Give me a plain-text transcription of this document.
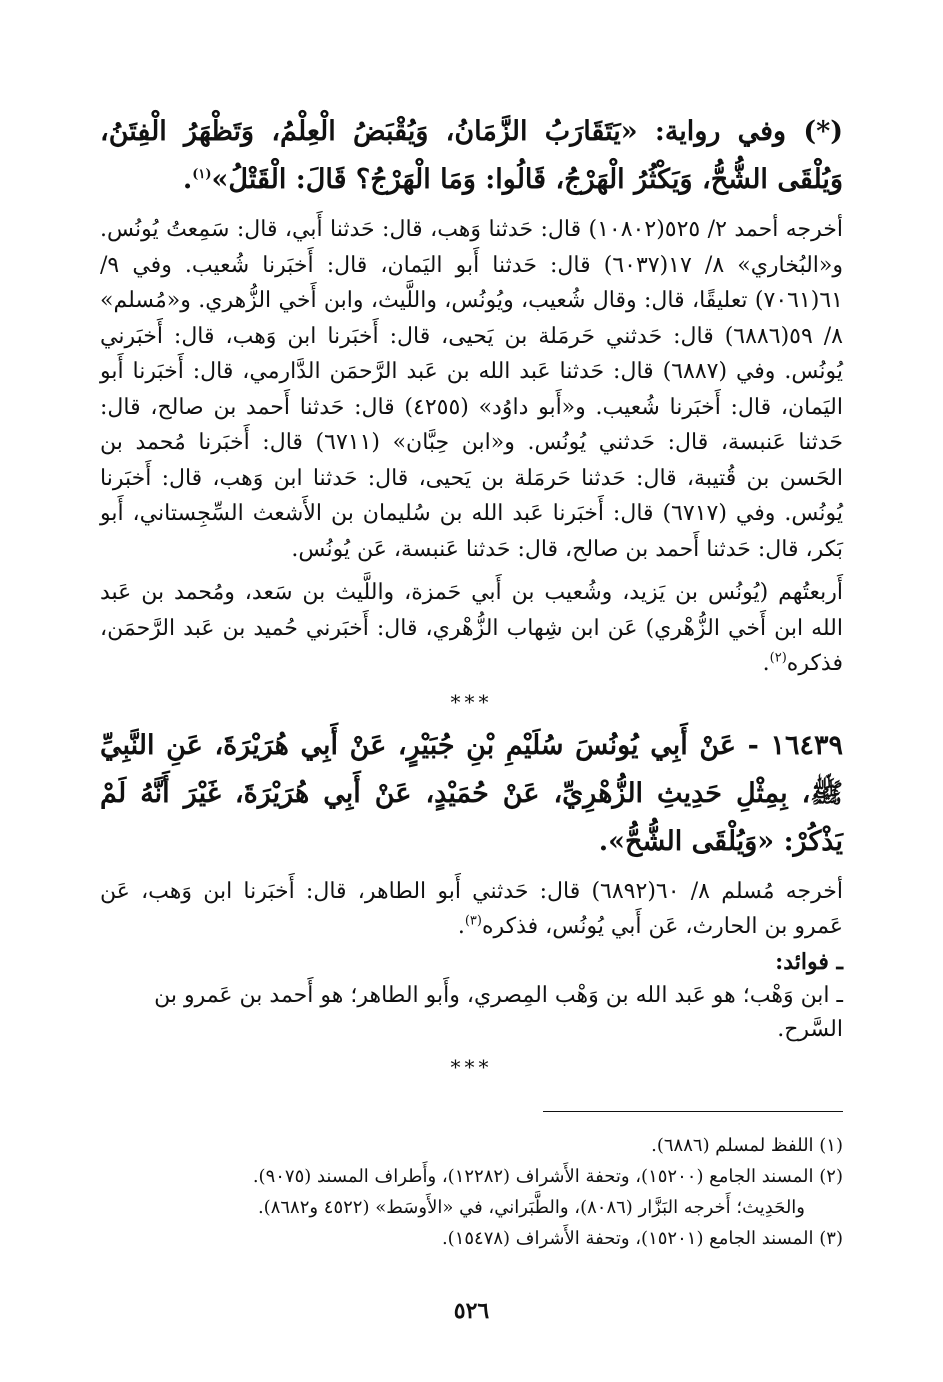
(*) وفي رواية: «يَتَقَارَبُ الزَّمَانُ، وَيُقْبَضُ الْعِلْمُ، وَتَظْهَرُ الْفِتَنُ، وَيُلْقَى الشُّحُّ، وَيَكْثُرُ الْهَرْجُ، قَالُوا: وَمَا الْهَرْجُ؟ قَالَ: الْقَتْلُ»$^{(١)}$.

أخرجه أحمد ٢/ ٥٢٥(١٠٨٠٢) قال: حَدثنا وَهب، قال: حَدثنا أَبي، قال: سَمِعتُ يُونُس. و«البُخاري» ٨/ ١٧(٦٠٣٧) قال: حَدثنا أَبو اليَمان، قال: أَخبَرنا شُعيب. وفي ٩/ ٦١(٧٠٦١) تعليقًا، قال: وقال شُعيب، ويُونُس، واللَّيث، وابن أَخي الزُّهري. و«مُسلم» ٨/ ٥٩(٦٨٨٦) قال: حَدثني حَرمَلة بن يَحيى، قال: أَخبَرنا ابن وَهب، قال: أَخبَرني يُونُس. وفي (٦٨٨٧) قال: حَدثنا عَبد الله بن عَبد الرَّحمَن الدَّارمي، قال: أَخبَرنا أَبو اليَمان، قال: أَخبَرنا شُعيب. و«أَبو داوُد» (٤٢٥٥) قال: حَدثنا أَحمد بن صالح، قال: حَدثنا عَنبسة، قال: حَدثني يُونُس. و«ابن حِبَّان» (٦٧١١) قال: أَخبَرنا مُحمد بن الحَسن بن قُتيبة، قال: حَدثنا حَرمَلة بن يَحيى، قال: حَدثنا ابن وَهب، قال: أَخبَرنا يُونُس. وفي (٦٧١٧) قال: أَخبَرنا عَبد الله بن سُليمان بن الأَشعث السِّجِستاني، أَبو بَكر، قال: حَدثنا أَحمد بن صالح، قال: حَدثنا عَنبسة، عَن يُونُس.

أَربعتُهم (يُونُس بن يَزيد، وشُعيب بن أَبي حَمزة، واللَّيث بن سَعد، ومُحمد بن عَبد الله ابن أَخي الزُّهْري) عَن ابن شِهاب الزُّهْري، قال: أَخبَرني حُميد بن عَبد الرَّحمَن، فذكره$^{(٢)}$.

***

١٦٤٣٩ - عَنْ أَبِي يُونُسَ سُلَيْمِ بْنِ جُبَيْرٍ، عَنْ أَبِي هُرَيْرَةَ، عَنِ النَّبِيِّ ﷺ، بِمِثْلِ حَدِيثِ الزُّهْرِيِّ، عَنْ حُمَيْدٍ، عَنْ أَبِي هُرَيْرَةَ، غَيْرَ أَنَّهُ لَمْ يَذْكُرْ: «وَيُلْقَى الشُّحُّ».

أخرجه مُسلم ٨/ ٦٠(٦٨٩٢) قال: حَدثني أَبو الطاهر، قال: أَخبَرنا ابن وَهب، عَن عَمرو بن الحارث، عَن أَبي يُونُس، فذكره$^{(٣)}$.

ـ فوائد:

ـ ابن وَهْب؛ هو عَبد الله بن وَهْب المِصري، وأَبو الطاهر؛ هو أَحمد بن عَمرو بن السَّرح.

***

(١) اللفظ لمسلم (٦٨٨٦).

(٢) المسند الجامع (١٥٢٠٠)، وتحفة الأَشراف (١٢٢٨٢)، وأَطراف المسند (٩٠٧٥).

والحَدِيث؛ أَخرجه البَزَّار (٨٠٨٦)، والطَّبَراني، في «الأَوسَط» (٤٥٢٢ و٨٦٨٢).

(٣) المسند الجامع (١٥٢٠١)، وتحفة الأَشراف (١٥٤٧٨).

٥٢٦
